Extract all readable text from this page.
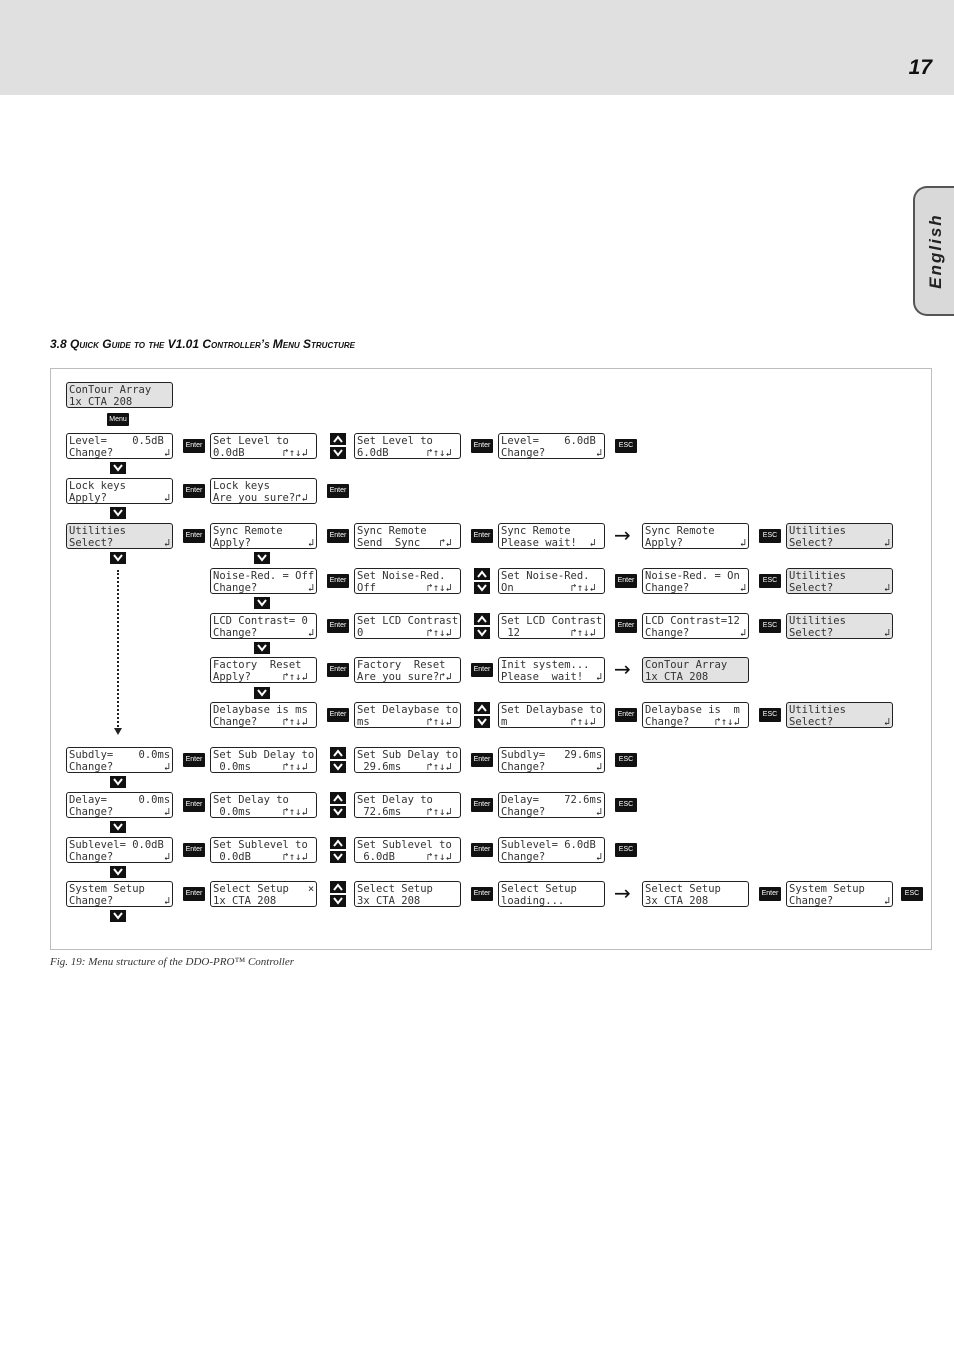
17
English
3.8 Quick Guide to the V1.01 Controller’s Menu Structure
Fig. 19: Menu structure of the DDO-PRO™ Controller
ConTour Array
1x CTA 208
Menu
Level=    0.5dB
Change?        ↲
Enter Set Level to
0.0dB      ↱↑↓↲
Set Level to
6.0dB      ↱↑↓↲
Enter Level=    6.0dB
Change?        ↲
ESC
Lock keys
Apply?         ↲
Enter Lock keys
Are you sure?↱↲
Enter
Utilities
Select?        ↲
Enter Sync Remote
Apply?         ↲
Enter Sync Remote
Send  Sync   ↱↲
Enter Sync Remote
Please wait!  ↲ → Sync Remote
Apply?         ↲
ESC	Utilities
Select?        ↲
Noise-Red. = Off
Change?        ↲
Enter Set Noise-Red.
Off        ↱↑↓↲
Set Noise-Red.
On         ↱↑↓↲
Enter Noise-Red. = On
Change?        ↲
ESC	Utilities
Select?        ↲
LCD Contrast= 0
Change?        ↲
Enter Set LCD Contrast
0          ↱↑↓↲
Set LCD Contrast
12        ↱↑↓↲
Enter LCD Contrast=12
Change?        ↲
ESC	Utilities
Select?        ↲
Factory  Reset
Apply?     ↱↑↓↲
Enter Factory  Reset
Are you sure?↱↲
Enter Init system...
Please  wait!  ↲ → ConTour Array
1x CTA 208
Delaybase is ms
Change?    ↱↑↓↲
Enter Set Delaybase to
ms         ↱↑↓↲
Set Delaybase to
m          ↱↑↓↲
Enter Delaybase is  m
Change?    ↱↑↓↲
ESC	Utilities
Select?        ↲
Subdly=    0.0ms
Change?        ↲
Enter Set Sub Delay to
0.0ms     ↱↑↓↲
Set Sub Delay to
29.6ms    ↱↑↓↲
Enter Subdly=   29.6ms
Change?        ↲
ESC
Delay=     0.0ms
Change?        ↲
Enter Set Delay to
0.0ms     ↱↑↓↲
Set Delay to
72.6ms    ↱↑↓↲
Enter Delay=    72.6ms
Change?        ↲
ESC
Sublevel= 0.0dB
Change?        ↲
Enter Set Sublevel to
0.0dB     ↱↑↓↲
Set Sublevel to
6.0dB     ↱↑↓↲
Enter Sublevel= 6.0dB
Change?        ↲
ESC
System Setup
Change?        ↲
Enter Select Setup   ×
1x CTA 208
Select Setup
3x CTA 208
Enter Select Setup
loading...	→ Select Setup
3x CTA 208
Enter System Setup
Change?        ↲
ESC
